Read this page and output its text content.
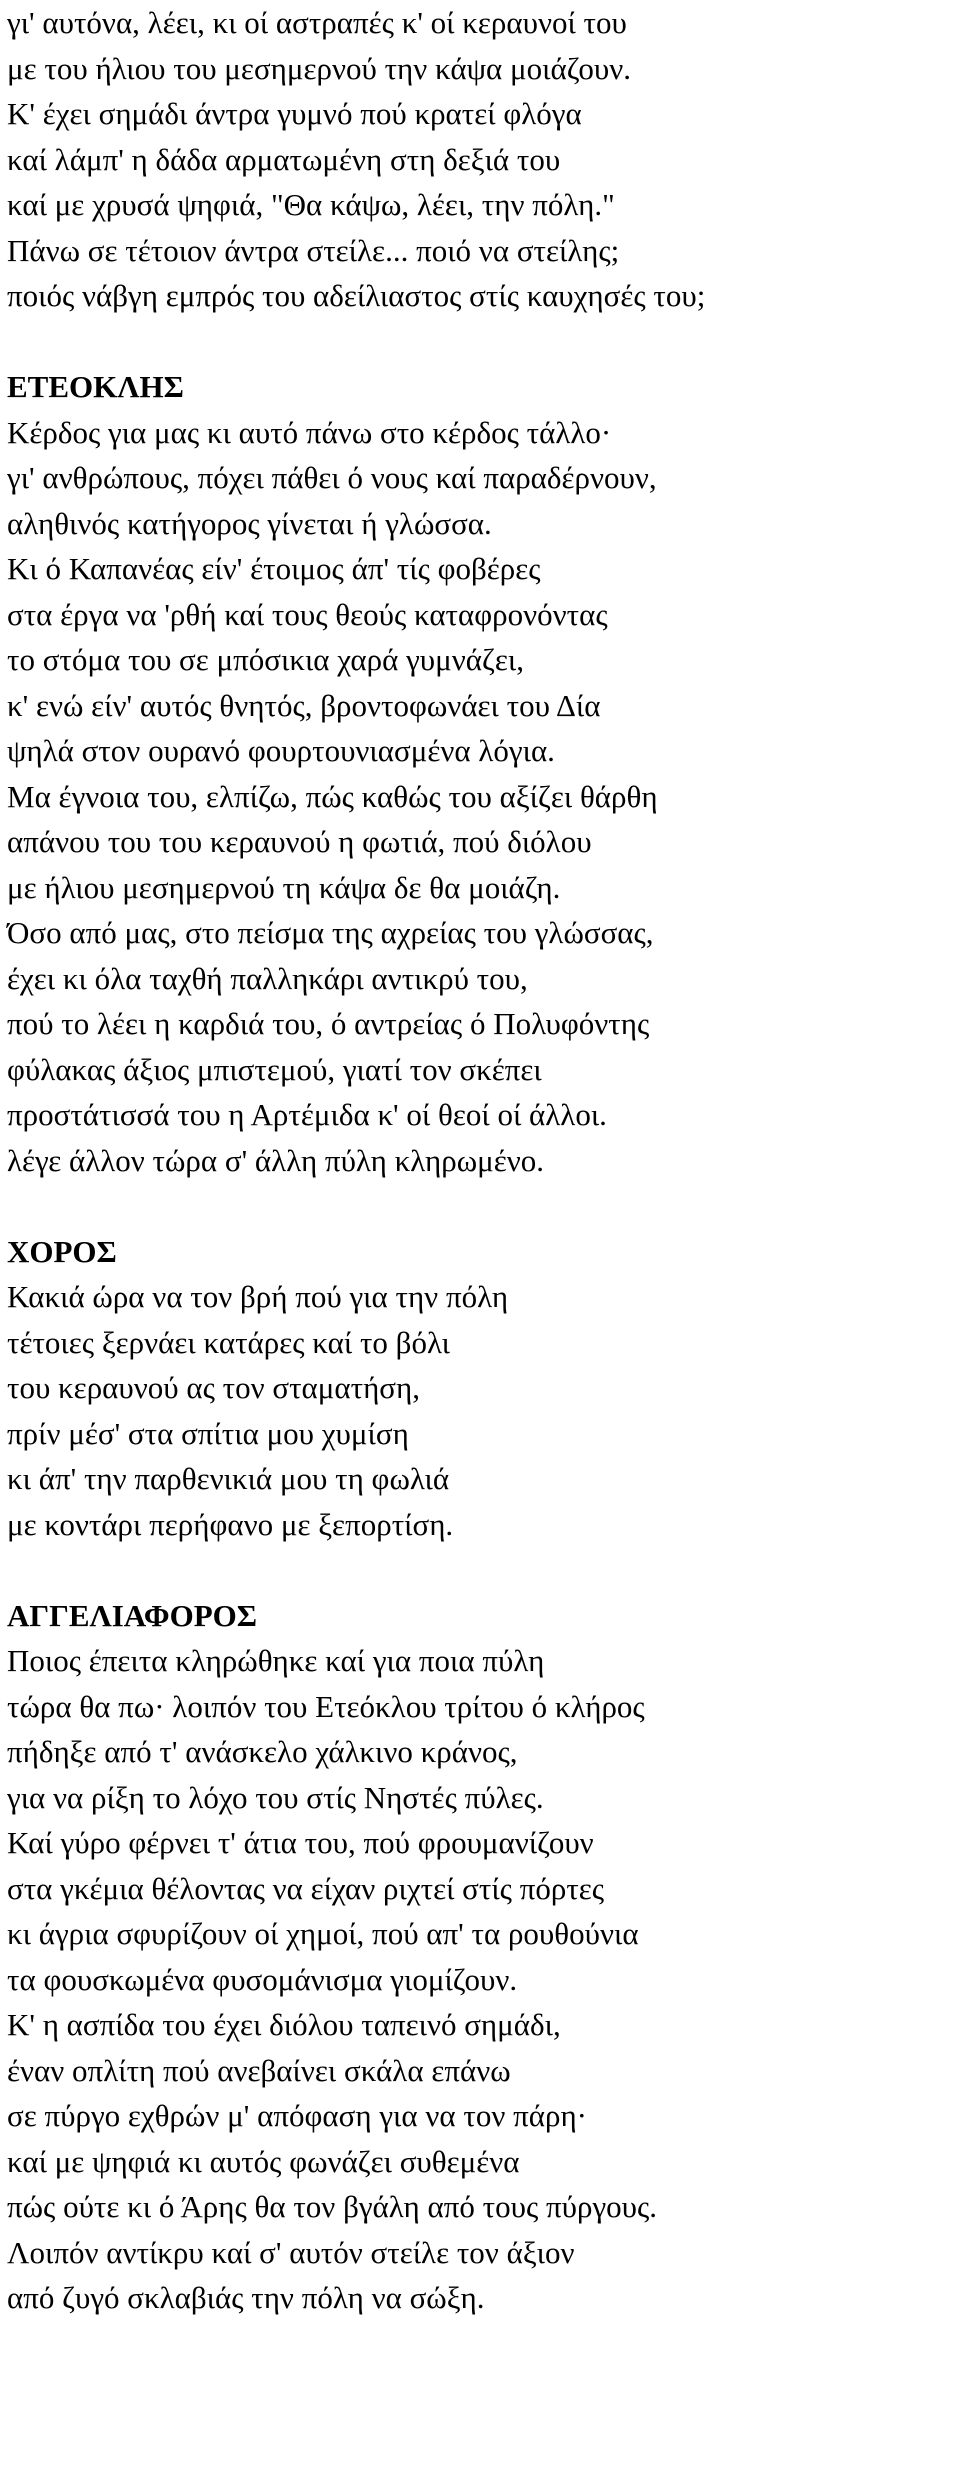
γι' αυτόνα, λέει, κι οί αστραπές κ' οί κεραυνοί του
με του ήλιου του μεσημερνού την κάψα μοιάζουν.
Κ' έχει σημάδι άντρα γυμνό πού κρατεί φλόγα
καί λάμπ' η δάδα αρματωμένη στη δεξιά του
καί με χρυσά ψηφιά, "Θα κάψω, λέει, την πόλη."
Πάνω σε τέτοιον άντρα στείλε... ποιό να στείλης;
ποιός νάβγη εμπρός του αδείλιαστος στίς καυχησές του;
ΕΤΕΟΚΛΗΣ
Κέρδος για μας κι αυτό πάνω στο κέρδος τάλλο·
γι' ανθρώπους, πόχει πάθει ό νους καί παραδέρνουν,
αληθινός κατήγορος γίνεται ή γλώσσα.
Κι ό Καπανέας είν' έτοιμος άπ' τίς φοβέρες
στα έργα να 'ρθή καί τους θεούς καταφρονόντας
το στόμα του σε μπόσικια χαρά γυμνάζει,
κ' ενώ είν' αυτός θνητός, βροντοφωνάει του Δία
ψηλά στον ουρανό φουρτουνιασμένα λόγια.
Μα έγνοια του, ελπίζω, πώς καθώς του αξίζει θάρθη
απάνου του του κεραυνού η φωτιά, πού διόλου
με ήλιου μεσημερνού τη κάψα δε θα μοιάζη.
Όσο από μας, στο πείσμα της αχρείας του γλώσσας,
έχει κι όλα ταχθή παλληκάρι αντικρύ του,
πού το λέει η καρδιά του, ό αντρείας ό Πολυφόντης
φύλακας άξιος μπιστεμού, γιατί τον σκέπει
προστάτισσά του η Αρτέμιδα κ' οί θεοί οί άλλοι.
λέγε άλλον τώρα σ' άλλη πύλη κληρωμένο.
ΧΟΡΟΣ
Κακιά ώρα να τον βρή πού για την πόλη
τέτοιες ξερνάει κατάρες καί το βόλι
του κεραυνού ας τον σταματήση,
πρίν μέσ' στα σπίτια μου χυμίση
κι άπ' την παρθενικιά μου τη φωλιά
με κοντάρι περήφανο με ξεπορτίση.
ΑΓΓΕΛΙΑΦΟΡΟΣ
Ποιος έπειτα κληρώθηκε καί για ποια πύλη
τώρα θα πω· λοιπόν του Ετεόκλου τρίτου ό κλήρος
πήδηξε από τ' ανάσκελο χάλκινο κράνος,
για να ρίξη το λόχο του στίς Νηστές πύλες.
Καί γύρο φέρνει τ' άτια του, πού φρουμανίζουν
στα γκέμια θέλοντας να είχαν ριχτεί στίς πόρτες
κι άγρια σφυρίζουν οί χημοί, πού απ' τα ρουθούνια
τα φουσκωμένα φυσομάνισμα γιομίζουν.
Κ' η ασπίδα του έχει διόλου ταπεινό σημάδι,
έναν οπλίτη πού ανεβαίνει σκάλα επάνω
σε πύργο εχθρών μ' απόφαση για να τον πάρη·
καί με ψηφιά κι αυτός φωνάζει συθεμένα
πώς ούτε κι ό Άρης θα τον βγάλη από τους πύργους.
Λοιπόν αντίκρυ καί σ' αυτόν στείλε τον άξιον
από ζυγό σκλαβιάς την πόλη να σώξη.
